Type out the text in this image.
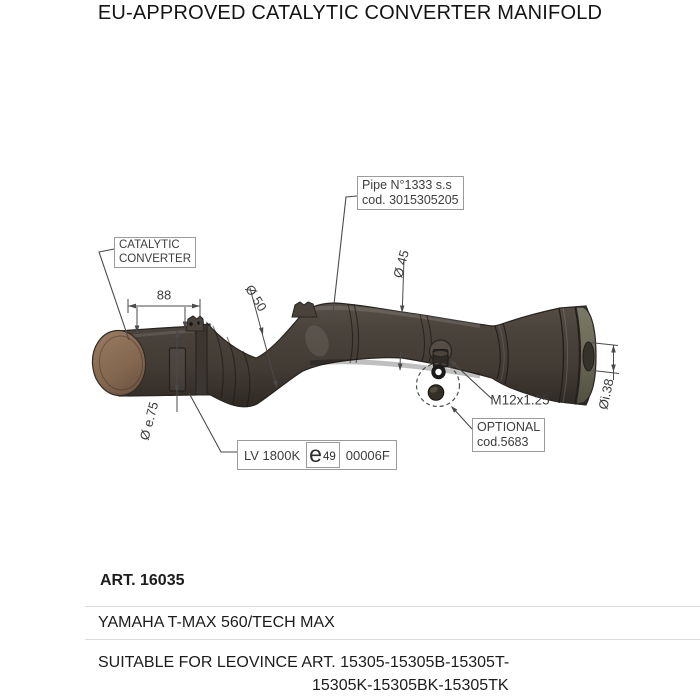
EU-APPROVED CATALYTIC CONVERTER MANIFOLD
Pipe N°1333 s.s
cod. 3015305205
CATALYTIC
CONVERTER
OPTIONAL
cod.5683
88	Ø 50
Ø 45
Ø e.75
Øi.38
M12x1.25
LV 1800K e 49 00006F
ART. 16035
YAMAHA T-MAX 560/TECH MAX
SUITABLE FOR LEOVINCE ART. 15305-15305B-15305T-
15305K-15305BK-15305TK
